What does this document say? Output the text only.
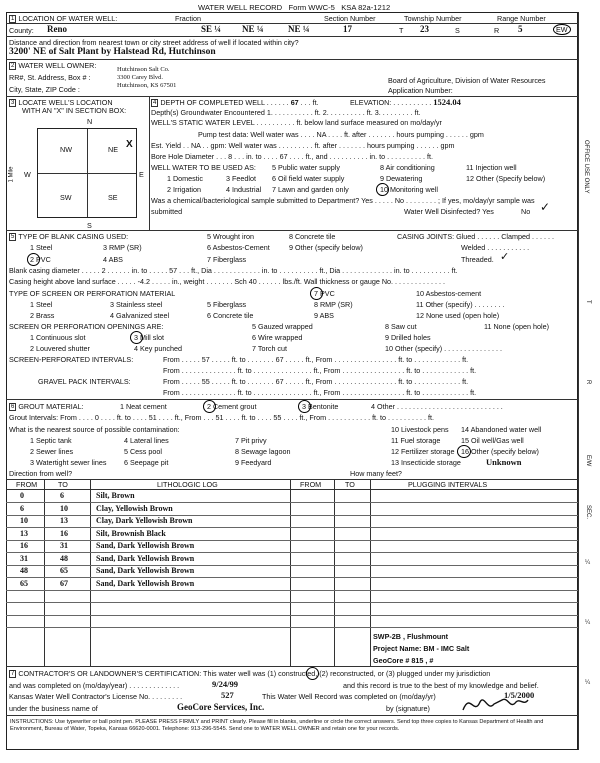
WATER WELL RECORD Form WWC-5 KSA 82a-1212
1 LOCATION OF WATER WELL:	Fraction	Section Number	Township Number	Range Number
County: Reno	SE ¼ NE ¼	NE ¼	17	T 23	S	R 5	EW
Distance and direction from nearest town or city street address of well if located within city?
3200' NE of Salt Plant by Halstead Rd, Hutchinson
2 WATER WELL OWNER:
RR#, St. Address, Box # :
City, State, ZIP Code :
Hutchinson Salt Co.
3300 Carey Blvd.
Hutchinson, KS 67501
Board of Agriculture, Division of Water Resources
Application Number:
3 LOCATE WELL'S LOCATION
WITH AN "X" IN SECTION BOX:
N
S
W	E
1 Mile
NW	NE
SW	SE
X
4 DEPTH OF COMPLETED WELL . . . . . . 67 . . . ft.	ELEVATION: . . . . . . . . . . 1524.04
Depth(s) Groundwater Encountered 1. . . . . . . . . . . ft. 2. . . . . . . . . . ft. 3. . . . . . . . . ft.
WELL'S STATIC WATER LEVEL . . . . . . . . . . ft. below land surface measured on mo/day/yr
Pump test data: Well water was . . . . NA . . . . ft. after . . . . . . . hours pumping . . . . . . gpm
Est. Yield . . NA . . gpm: Well water was . . . . . . . . . ft. after . . . . . . . hours pumping . . . . . . gpm
Bore Hole Diameter . . . 8 . . . in. to . . . . 67 . . . . ft., and . . . . . . . . . . in. to . . . . . . . . . . ft.
WELL WATER TO BE USED AS: 5 Public water supply	8 Air conditioning	11 Injection well
1 Domestic	3 Feedlot 6 Oil field water supply	9 Dewatering	12 Other (Specify below)
2 Irrigation	4 Industrial 7 Lawn and garden only	10 Monitoring well
Was a chemical/bacteriological sample submitted to Department? Yes . . . . . No . . . . . . . . ; If yes, mo/day/yr sample was
submitted	Water Well Disinfected? Yes	No ✓
5 TYPE OF BLANK CASING USED:	5 Wrought iron	8 Concrete tile	CASING JOINTS: Glued . . . . . . Clamped . . . . . .
1 Steel	3 RMP (SR)	6 Asbestos-Cement	9 Other (specify below)	Welded . . . . . . . . . . .
2 PVC	4 ABS	7 Fiberglass	Threaded. ✓
Blank casing diameter . . . . . 2 . . . . . . in. to . . . . . 57 . . . ft., Dia . . . . . . . . . . . . in. to . . . . . . . . . . ft., Dia . . . . . . . . . . . . . in. to . . . . . . . . . . ft.
Casing height above land surface . . . . . -4.2 . . . . . in., weight . . . . . . . Sch 40 . . . . . . lbs./ft. Wall thickness or gauge No. . . . . . . . . . . . . .
TYPE OF SCREEN OR PERFORATION MATERIAL	7 PVC	10 Asbestos-cement
1 Steel	3 Stainless steel	5 Fiberglass	8 RMP (SR)	11 Other (specify) . . . . . . . .
2 Brass	4 Galvanized steel	6 Concrete tile	9 ABS	12 None used (open hole)
SCREEN OR PERFORATION OPENINGS ARE:	5 Gauzed wrapped	8 Saw cut	11 None (open hole)
1 Continuous slot	3 Mill slot	6 Wire wrapped	9 Drilled holes
2 Louvered shutter	4 Key punched	7 Torch cut	10 Other (specify) . . . . . . . . . . . . . . .
SCREEN-PERFORATED INTERVALS:	From . . . . . 57 . . . . . ft. to . . . . . . . 67 . . . . . ft., From . . . . . . . . . . . . . . . . ft. to . . . . . . . . . . . . ft.
From . . . . . . . . . . . . . . ft. to . . . . . . . . . . . . . . . ft., From . . . . . . . . . . . . . . . . ft. to . . . . . . . . . . . . ft.
GRAVEL PACK INTERVALS:	From . . . . . 55 . . . . . ft. to . . . . . . . 67 . . . . . ft., From . . . . . . . . . . . . . . . . ft. to . . . . . . . . . . . . ft.
From . . . . . . . . . . . . . . ft. to . . . . . . . . . . . . . . . ft., From . . . . . . . . . . . . . . . . ft. to . . . . . . . . . . . . ft.
6 GROUT MATERIAL:	1 Neat cement	2 Cement grout	3 Bentonite	4 Other . . . . . . . . . . . . . . . . . . . . . . . . . . .
Grout Intervals: From . . . . 0 . . . . ft. to . . . . 51 . . . . ft., From . . . 51 . . . . ft. to . . . . 55 . . . . ft., From . . . . . . . . . . . ft. to . . . . . . . . . . ft.
What is the nearest source of possible contamination:	10 Livestock pens 14 Abandoned water well
1 Septic tank	4 Lateral lines	7 Pit privy	11 Fuel storage	15 Oil well/Gas well
2 Sewer lines	5 Cess pool	8 Sewage lagoon	12 Fertilizer storage 16 Other (specify below)
3 Watertight sewer lines 6 Seepage pit	9 Feedyard	13 Insecticide storage	Unknown
Direction from well?	How many feet?
FROM	TO	LITHOLOGIC LOG	FROM	TO	PLUGGING INTERVALS
0	6	Silt, Brown
6	10	Clay, Yellowish Brown
10	13	Clay, Dark Yellowish Brown
13	16	Silt, Brownish Black
16	31	Sand, Dark Yellowish Brown
31	48	Sand, Dark Yellowish Brown
48	65	Sand, Dark Yellowish Brown
65	67	Sand, Dark Yellowish Brown
SWP-2B , Flushmount
Project Name: BM - IMC Salt
GeoCore # 815 , #
7 CONTRACTOR'S OR LANDOWNER'S CERTIFICATION: This water well was (1) constructed, (2) reconstructed, or (3) plugged under my jurisdiction
and was completed on (mo/day/year) . . . . . . . . . . . . .	9/24/99	and this record is true to the best of my knowledge and belief.
Kansas Water Well Contractor's License No. . . . . . . . .	527	This Water Well Record was completed on (mo/day/yr)	1/5/2000
under the business name of	GeoCore Services, Inc.	by (signature)
INSTRUCTIONS: Use typewriter or ball point pen. PLEASE PRESS FIRMLY and PRINT clearly. Please fill in blanks, underline or circle the correct answers. Send top three copies to Kansas Department of Health and Environment, Bureau of Water, Topeka, Kansas 66620-0001. Telephone: 913-296-5545. Send one to WATER WELL OWNER and retain one for your records.
OFFICE USE ONLY
T
R
E/W
SEC.
¼
¼
¼
